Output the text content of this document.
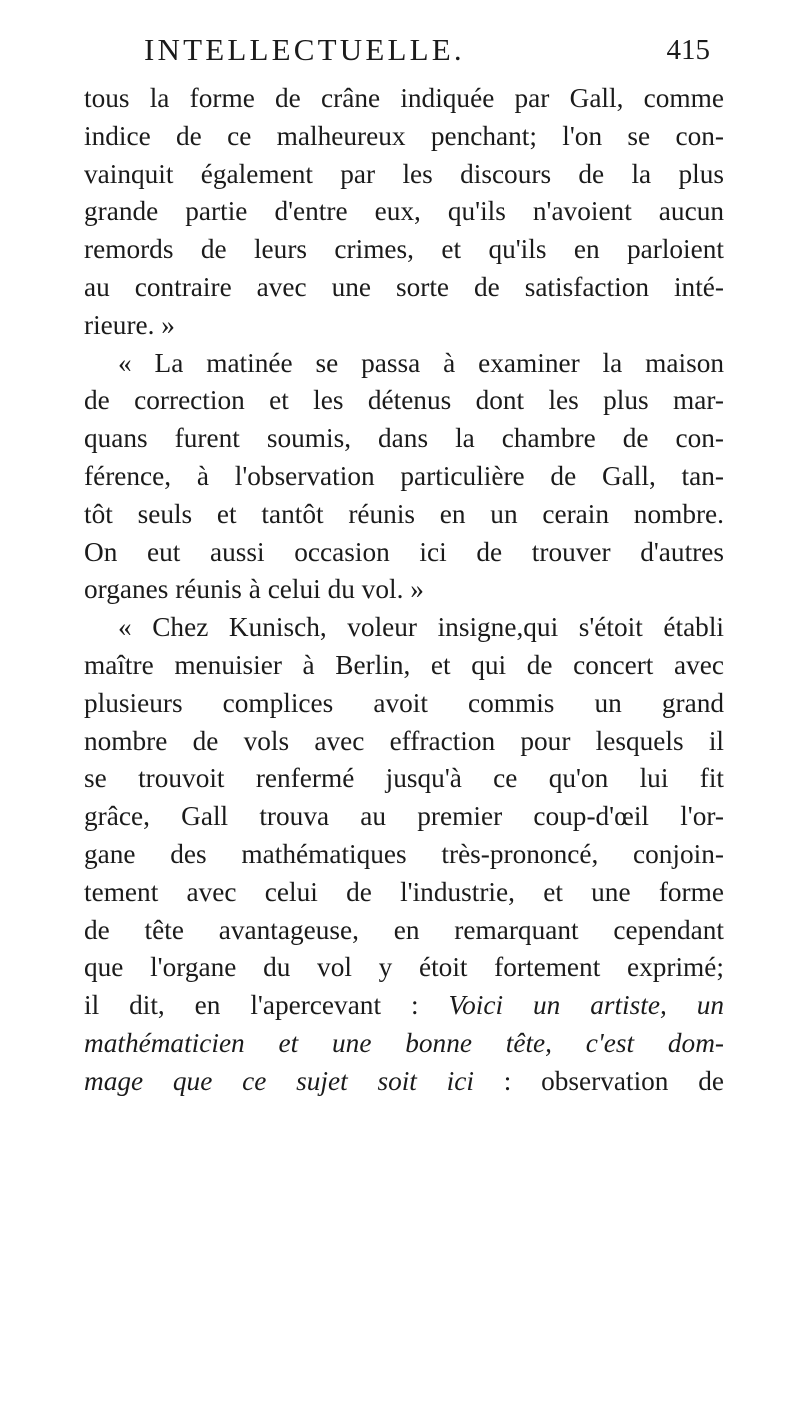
INTELLECTUELLE.	415
tous la forme de crâne indiquée par Gall, comme
indice de ce malheureux penchant; l'on se con-
vainquit également par les discours de la plus
grande partie d'entre eux, qu'ils n'avoient aucun
remords de leurs crimes, et qu'ils en parloient
au contraire avec une sorte de satisfaction inté-
rieure. »
« La matinée se passa à examiner la maison
de correction et les détenus dont les plus mar-
quans furent soumis, dans la chambre de con-
férence, à l'observation particulière de Gall, tan-
tôt seuls et tantôt réunis en un cerain nombre.
On eut aussi occasion ici de trouver d'autres
organes réunis à celui du vol. »
« Chez Kunisch, voleur insigne,qui s'étoit établi
maître menuisier à Berlin, et qui de concert avec
plusieurs complices avoit commis un grand
nombre de vols avec effraction pour lesquels il
se trouvoit renfermé jusqu'à ce qu'on lui fit
grâce, Gall trouva au premier coup-d'œil l'or-
gane des mathématiques très-prononcé, conjoin-
tement avec celui de l'industrie, et une forme
de tête avantageuse, en remarquant cependant
que l'organe du vol y étoit fortement exprimé;
il dit, en l'apercevant : Voici un artiste, un
mathématicien et une bonne tête, c'est dom-
mage que ce sujet soit ici : observation de
